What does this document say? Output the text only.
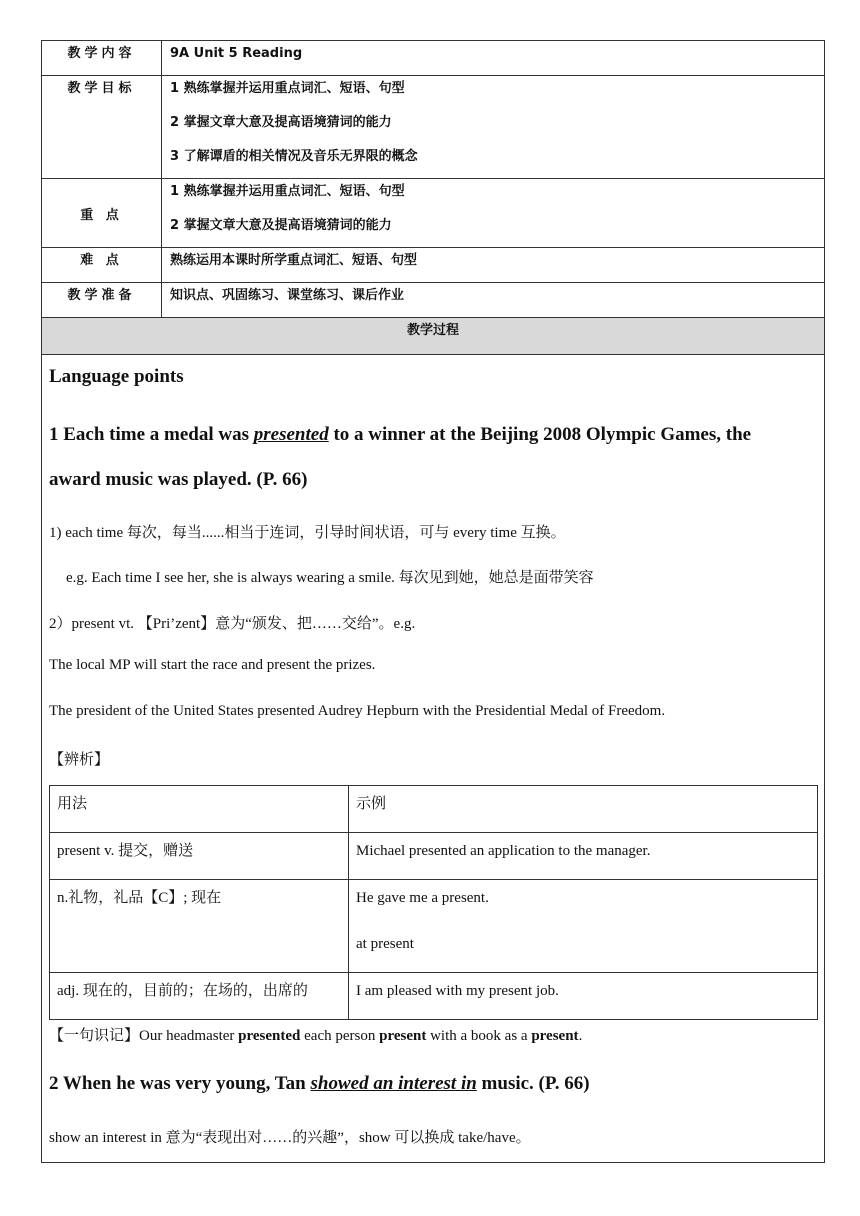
教学内容	9A Unit 5 Reading

教学目标	1 熟练掌握并运用重点词汇、短语、句型
2 掌握文章大意及提高语境猜词的能力
3 了解谭盾的相关情况及音乐无界限的概念

重 点	1 熟练掌握并运用重点词汇、短语、句型
2 掌握文章大意及提高语境猜词的能力

难 点	熟练运用本课时所学重点词汇、短语、句型

教学准备	知识点、巩固练习、课堂练习、课后作业

教学过程	
Language points
1 Each time a medal was presented to a winner at the Beijing 2008 Olympic Games, the
award music was played. (P. 66)
1) each time 每次，每当......相当于连词，引导时间状语，可与 every time 互换。
e.g. Each time I see her, she is always wearing a smile. 每次见到她，她总是面带笑容
2）present vt. 【Pri’zent】意为“颁发、把……交给”。e.g.
The local MP will start the race and present the prizes.
The president of the United States presented Audrey Hepburn with the Presidential Medal of Freedom.
【辨析】
用法	示例

present v. 提交，赠送	Michael presented an application to the manager.

n.礼物，礼品【C】; 现在	He gave me a present.
at present

adj. 现在的，目前的；在场的，出席的	I am pleased with my present job.
【一句识记】Our headmaster presented each person present with a book as a present.
2 When he was very young, Tan showed an interest in music. (P. 66)
show an interest in 意为“表现出对……的兴趣”，show 可以换成 take/have。
